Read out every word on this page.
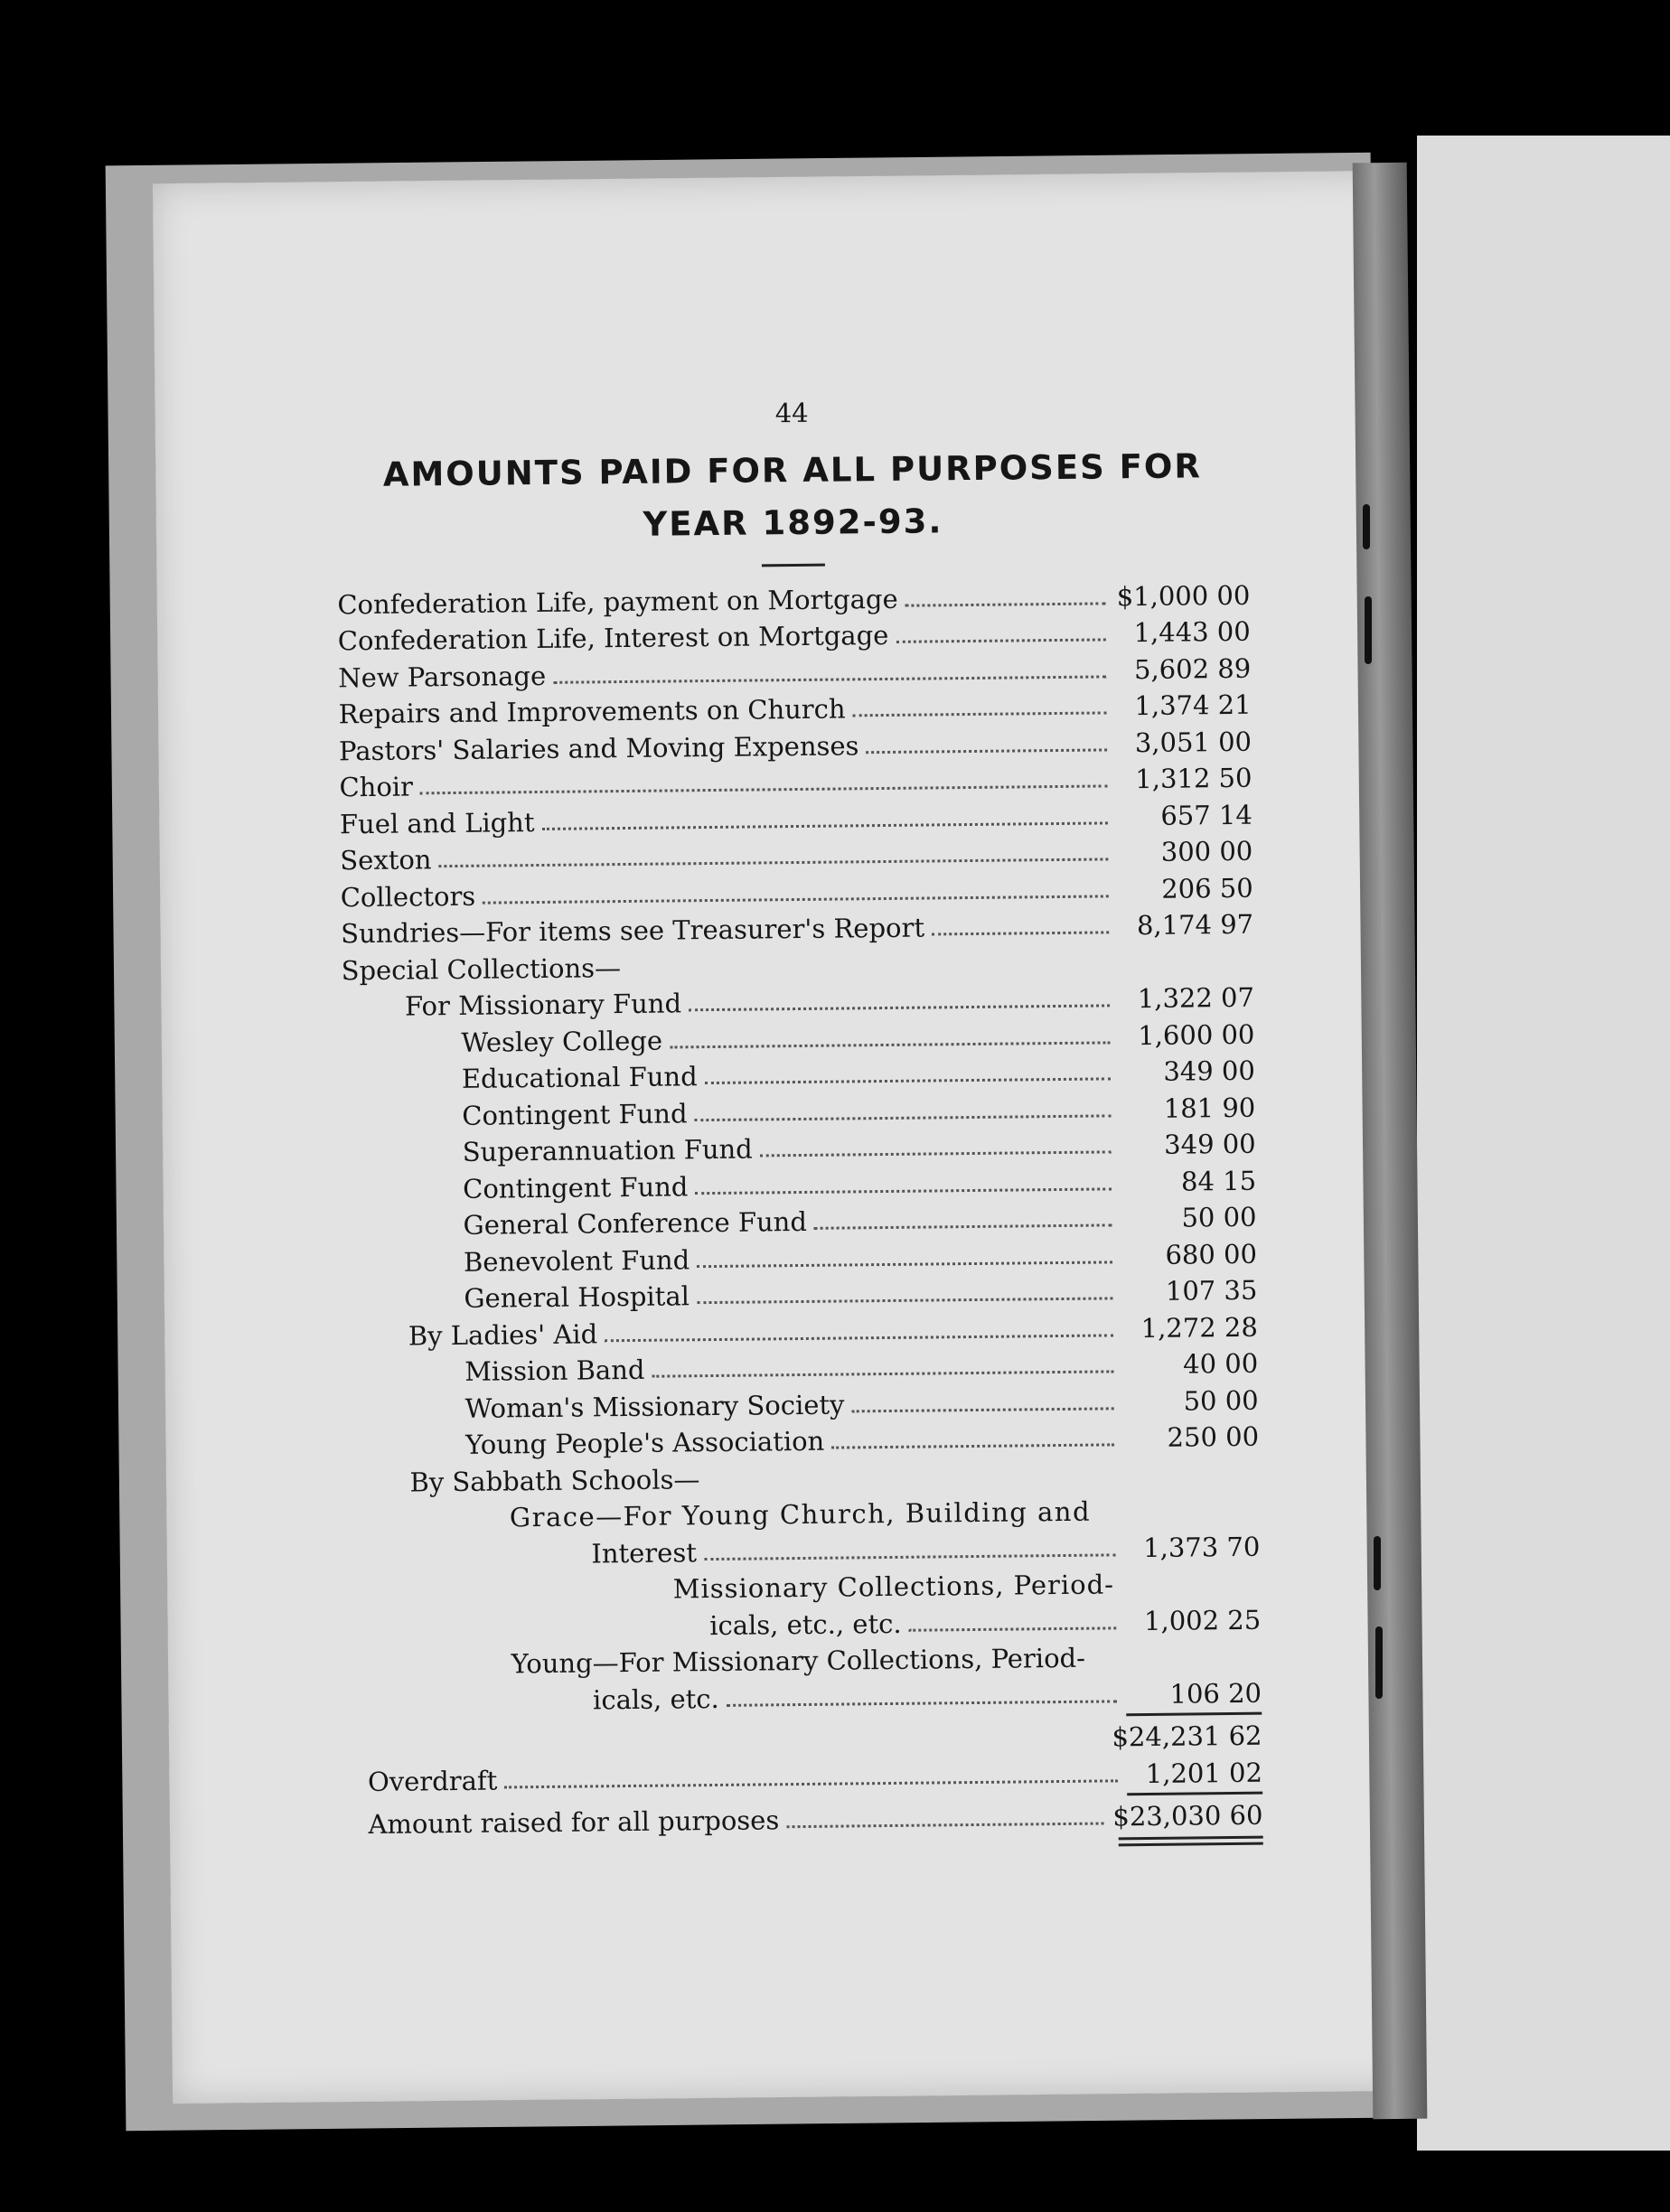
44
AMOUNTS PAID FOR ALL PURPOSES FOR
YEAR 1892-93.
Confederation Life, payment on Mortgage	$1,000 00
Confederation Life, Interest on Mortgage	1,443 00
New Parsonage	5,602 89
Repairs and Improvements on Church	1,374 21
Pastors' Salaries and Moving Expenses	3,051 00
Choir	1,312 50
Fuel and Light	657 14
Sexton	300 00
Collectors	206 50
Sundries—For items see Treasurer's Report	8,174 97
Special Collections—
For Missionary Fund	1,322 07
Wesley College	1,600 00
Educational Fund	349 00
Contingent Fund	181 90
Superannuation Fund	349 00
Contingent Fund	84 15
General Conference Fund	50 00
Benevolent Fund	680 00
General Hospital	107 35
By Ladies' Aid	1,272 28
Mission Band	40 00
Woman's Missionary Society	50 00
Young People's Association	250 00
By Sabbath Schools—
Grace—For Young Church, Building and
Interest	1,373 70
Missionary Collections, Period-
icals, etc., etc.	1,002 25
Young—For Missionary Collections, Period-
icals, etc.	106 20
$24,231 62
Overdraft	1,201 02
Amount raised for all purposes	$23,030 60
